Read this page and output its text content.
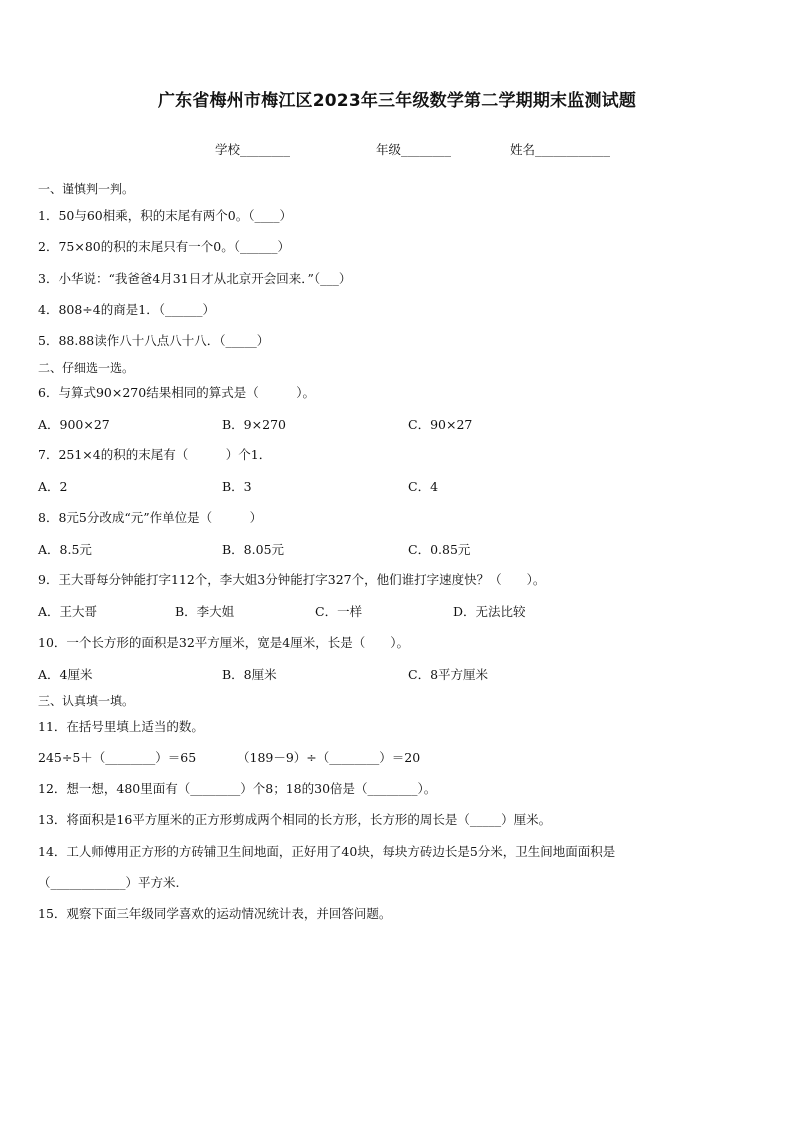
广东省梅州市梅江区2023年三年级数学第二学期期末监测试题
学校________	年级________	姓名____________
一、谨慎判一判。
1．50与60相乘，积的末尾有两个0。（____）
2．75×80的积的末尾只有一个0。（______）
3．小华说：“我爸爸4月31日才从北京开会回来．”（___）
4．808÷4的商是1．（______）
5．88.88读作八十八点八十八．（_____）
二、仔细选一选。
6．与算式90×270结果相同的算式是（　　　）。
A．900×27	B．9×270	C．90×27
7．251×4的积的末尾有（　　　）个1．
A．2	B．3	C．4
8．8元5分改成“元”作单位是（　　　）
A．8.5元	B．8.05元	C．0.85元
9．王大哥每分钟能打字112个，李大姐3分钟能打字327个，他们谁打字速度快？（　　）。
A．王大哥	B．李大姐	C．一样	D．无法比较
10．一个长方形的面积是32平方厘米，宽是4厘米，长是（　　）。
A．4厘米	B．8厘米	C．8平方厘米
三、认真填一填。
11．在括号里填上适当的数。
245÷5＋（________）＝65	（189－9）÷（________）＝20
12．想一想，480里面有（________）个8；18的30倍是（________）。
13．将面积是16平方厘米的正方形剪成两个相同的长方形，长方形的周长是（_____）厘米。
14．工人师傅用正方形的方砖铺卫生间地面，正好用了40块，每块方砖边长是5分米，卫生间地面面积是
（____________）平方米.
15．观察下面三年级同学喜欢的运动情况统计表，并回答问题。
